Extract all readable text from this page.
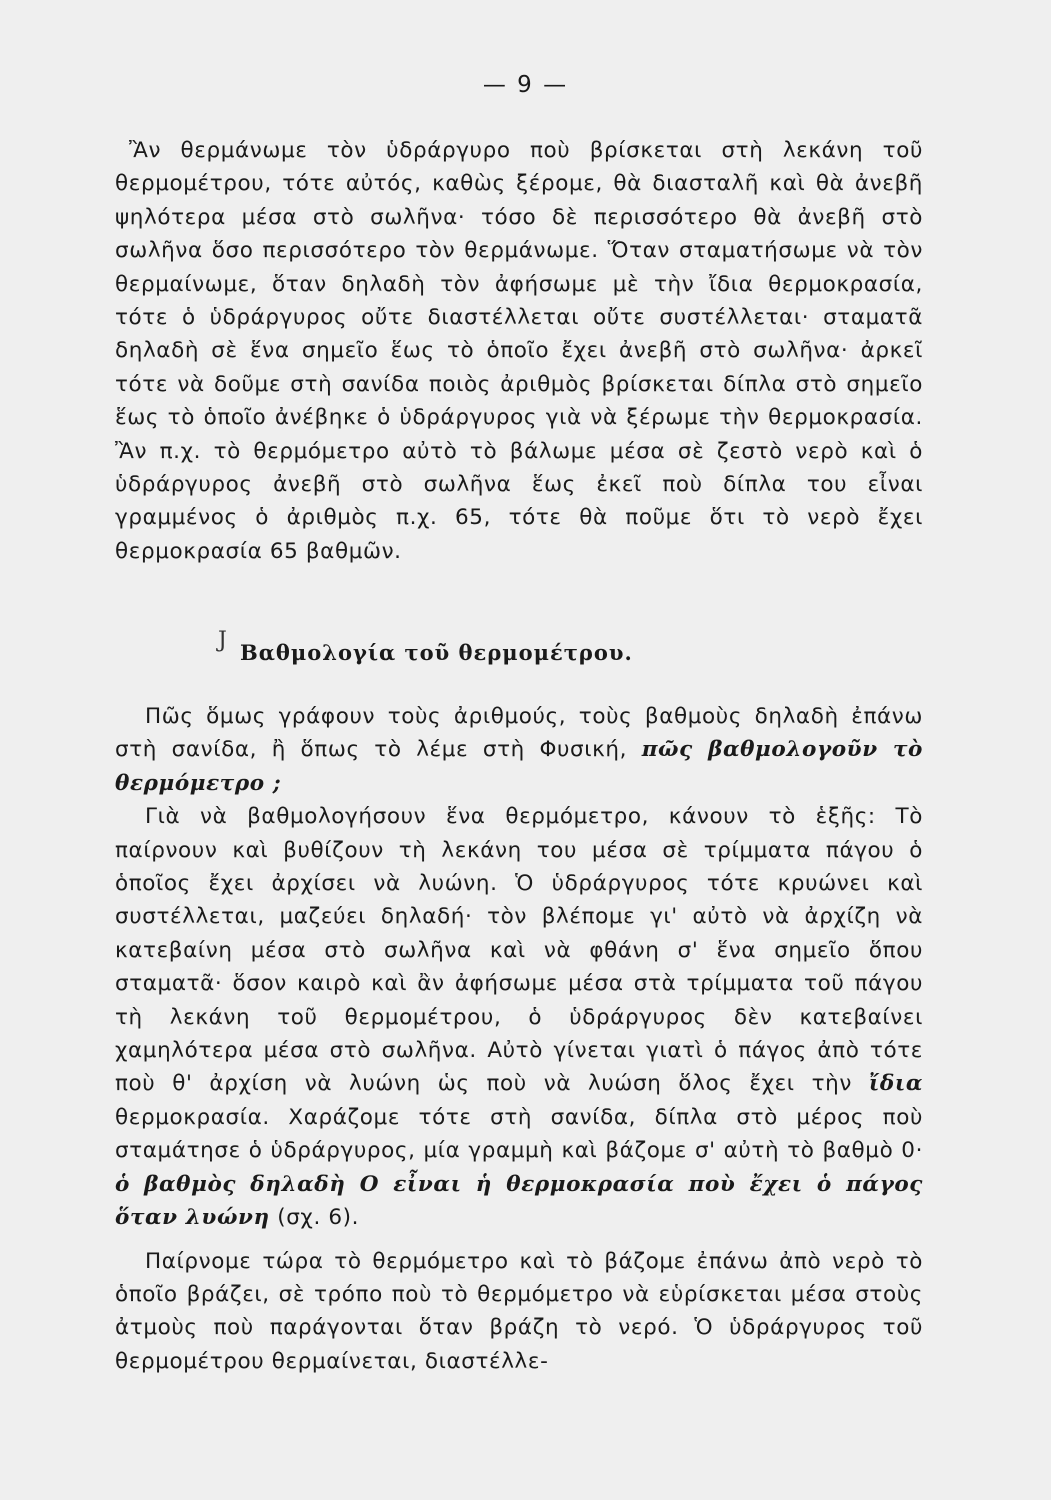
— 9 —

Ἂν θερμάνωμε τὸν ὑδράργυρο ποὺ βρίσκεται στὴ λεκάνη τοῦ θερμομέτρου, τότε αὐτός, καθὼς ξέρομε, θὰ διασταλῆ καὶ θὰ ἀνεβῆ ψηλότερα μέσα στὸ σωλῆνα· τόσο δὲ περισσότερο θὰ ἀνεβῆ στὸ σωλῆνα ὅσο περισσότερο τὸν θερμάνωμε. Ὅταν σταματήσωμε νὰ τὸν θερμαίνωμε, ὅταν δηλαδὴ τὸν ἀφήσωμε μὲ τὴν ἴδια θερμοκρασία, τότε ὁ ὑδράργυρος οὔτε διαστέλλεται οὔτε συστέλλεται· σταματᾶ δηλαδὴ σὲ ἕνα σημεῖο ἕως τὸ ὁποῖο ἔχει ἀνεβῆ στὸ σωλῆνα· ἀρκεῖ τότε νὰ δοῦμε στὴ σανίδα ποιὸς ἀριθμὸς βρίσκεται δίπλα στὸ σημεῖο ἕως τὸ ὁποῖο ἀνέβηκε ὁ ὑδράργυρος γιὰ νὰ ξέρωμε τὴν θερμοκρασία. Ἂν π.χ. τὸ θερμόμετρο αὐτὸ τὸ βάλωμε μέσα σὲ ζεστὸ νερὸ καὶ ὁ ὑδράργυρος ἀνεβῆ στὸ σωλῆνα ἕως ἐκεῖ ποὺ δίπλα του εἶναι γραμμένος ὁ ἀριθμὸς π.χ. 65, τότε θὰ ποῦμε ὅτι τὸ νερὸ ἔχει θερμοκρασία 65 βαθμῶν.

J Βαθμολογία τοῦ θερμομέτρου.

Πῶς ὅμως γράφουν τοὺς ἀριθμούς, τοὺς βαθμοὺς δηλαδὴ ἐπάνω στὴ σανίδα, ἢ ὅπως τὸ λέμε στὴ Φυσική, πῶς βαθμολογοῦν τὸ θερμόμετρο ;

Γιὰ νὰ βαθμολογήσουν ἕνα θερμόμετρο, κάνουν τὸ ἑξῆς: Τὸ παίρνουν καὶ βυθίζουν τὴ λεκάνη του μέσα σὲ τρίμματα πάγου ὁ ὁποῖος ἔχει ἀρχίσει νὰ λυώνη. Ὁ ὑδράργυρος τότε κρυώνει καὶ συστέλλεται, μαζεύει δηλαδή· τὸν βλέπομε γι' αὐτὸ νὰ ἀρχίζη νὰ κατεβαίνη μέσα στὸ σωλῆνα καὶ νὰ φθάνη σ' ἕνα σημεῖο ὅπου σταματᾶ· ὅσον καιρὸ καὶ ἂν ἀφήσωμε μέσα στὰ τρίμματα τοῦ πάγου τὴ λεκάνη τοῦ θερμομέτρου, ὁ ὑδράργυρος δὲν κατεβαίνει χαμηλότερα μέσα στὸ σωλῆνα. Αὐτὸ γίνεται γιατὶ ὁ πάγος ἀπὸ τότε ποὺ θ' ἀρχίση νὰ λυώνη ὡς ποὺ νὰ λυώση ὅλος ἔχει τὴν ἴδια θερμοκρασία. Χαράζομε τότε στὴ σανίδα, δίπλα στὸ μέρος ποὺ σταμάτησε ὁ ὑδράργυρος, μία γραμμὴ καὶ βάζομε σ' αὐτὴ τὸ βαθμὸ 0· ὁ βαθμὸς δηλαδὴ Ο εἶναι ἡ θερμοκρασία ποὺ ἔχει ὁ πάγος ὅταν λυώνη (σχ. 6).

Παίρνομε τώρα τὸ θερμόμετρο καὶ τὸ βάζομε ἐπάνω ἀπὸ νερὸ τὸ ὁποῖο βράζει, σὲ τρόπο ποὺ τὸ θερμόμετρο νὰ εὑρίσκεται μέσα στοὺς ἀτμοὺς ποὺ παράγονται ὅταν βράζη τὸ νερό. Ὁ ὑδράργυρος τοῦ θερμομέτρου θερμαίνεται, διαστέλλε-
